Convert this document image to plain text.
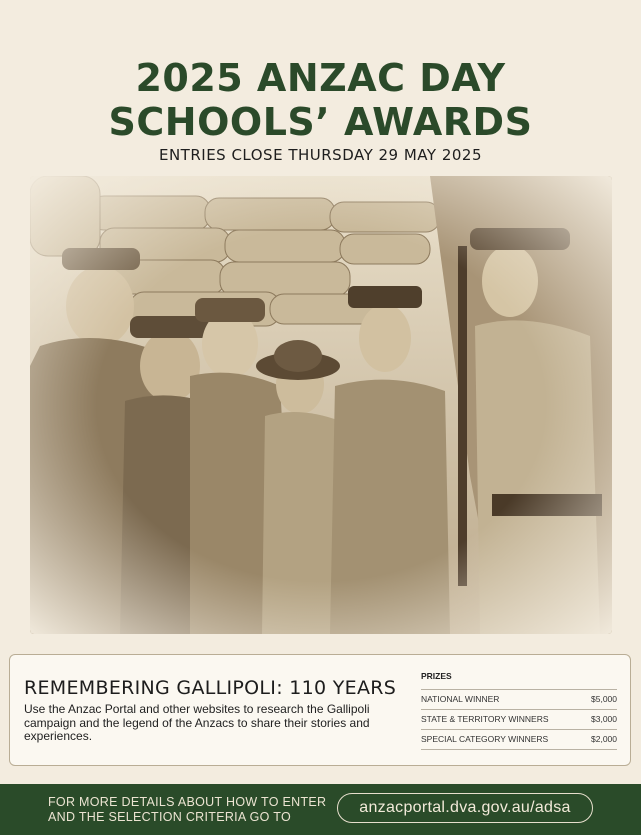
2025 ANZAC DAY
SCHOOLS’ AWARDS
ENTRIES CLOSE THURSDAY 29 MAY 2025
REMEMBERING GALLIPOLI: 110 YEARS
Use the Anzac Portal and other websites to research the Gallipoli campaign and the legend of the Anzacs to share their stories and experiences.
PRIZES
NATIONAL WINNER	$5,000
STATE & TERRITORY WINNERS	$3,000
SPECIAL CATEGORY WINNERS	$2,000
FOR MORE DETAILS ABOUT HOW TO ENTER
AND THE SELECTION CRITERIA GO TO
anzacportal.dva.gov.au/adsa
